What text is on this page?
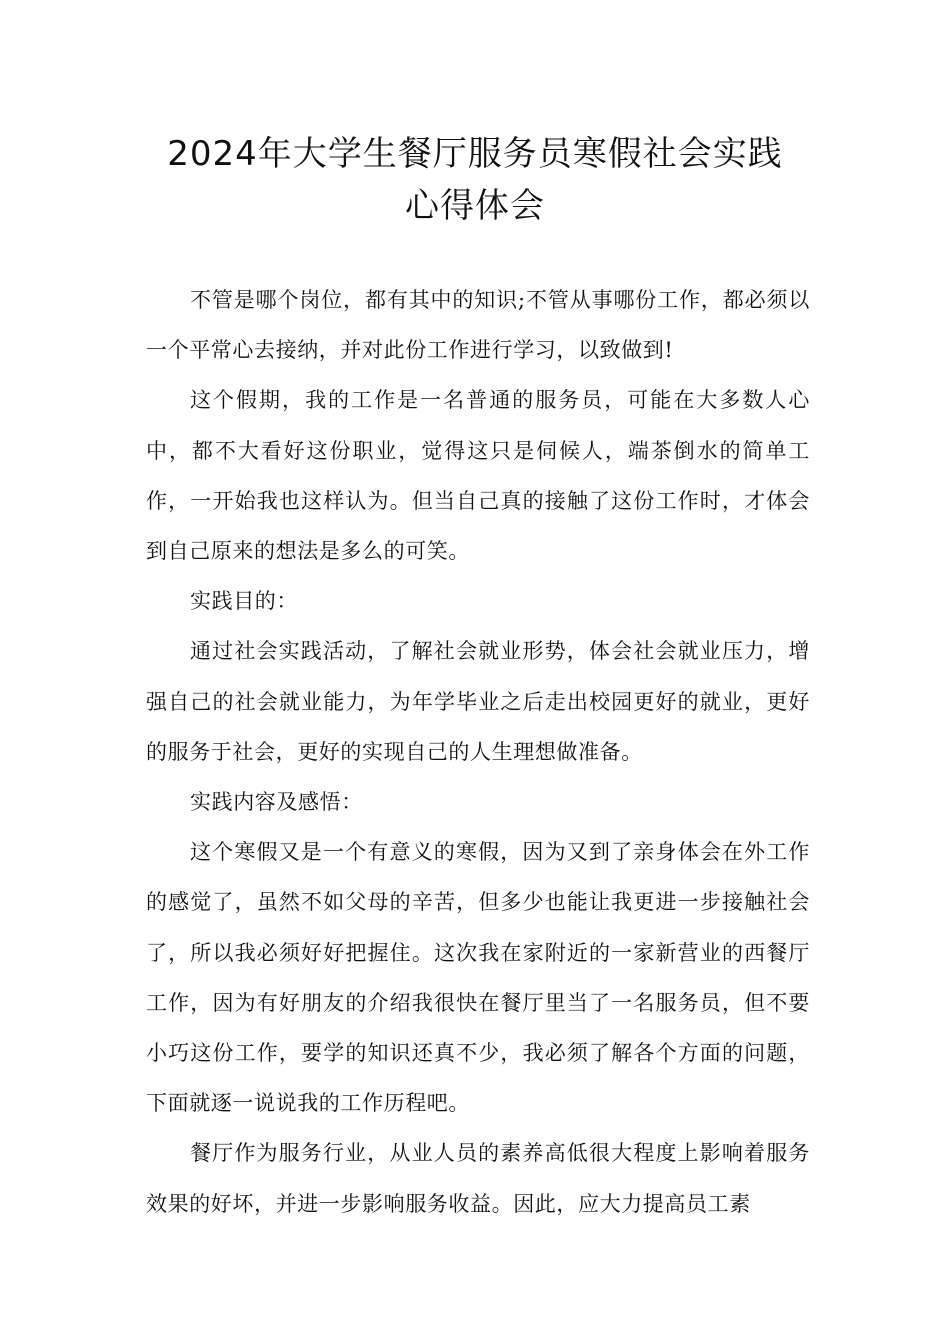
2024年大学生餐厅服务员寒假社会实践
心得体会

不管是哪个岗位，都有其中的知识;不管从事哪份工作，都必须以一个平常心去接纳，并对此份工作进行学习，以致做到!

这个假期，我的工作是一名普通的服务员，可能在大多数人心中，都不大看好这份职业，觉得这只是伺候人，端茶倒水的简单工作，一开始我也这样认为。但当自己真的接触了这份工作时，才体会到自己原来的想法是多么的可笑。

实践目的：

通过社会实践活动，了解社会就业形势，体会社会就业压力，增强自己的社会就业能力，为年学毕业之后走出校园更好的就业，更好的服务于社会，更好的实现自己的人生理想做准备。

实践内容及感悟：

这个寒假又是一个有意义的寒假，因为又到了亲身体会在外工作的感觉了，虽然不如父母的辛苦，但多少也能让我更进一步接触社会了，所以我必须好好把握住。这次我在家附近的一家新营业的西餐厅工作，因为有好朋友的介绍我很快在餐厅里当了一名服务员，但不要小巧这份工作，要学的知识还真不少，我必须了解各个方面的问题，下面就逐一说说我的工作历程吧。

餐厅作为服务行业，从业人员的素养高低很大程度上影响着服务效果的好坏，并进一步影响服务收益。因此，应大力提高员工素
